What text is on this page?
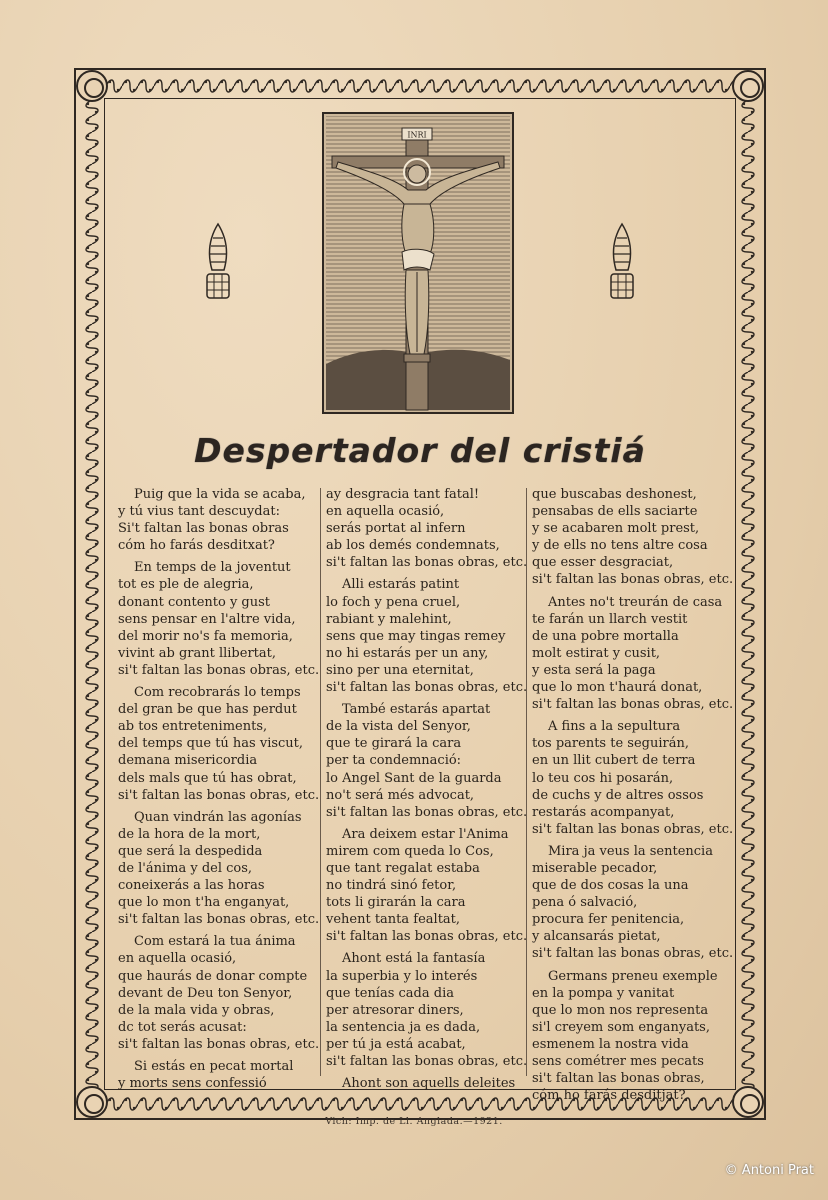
INRI
Despertador del cristiá
Puig que la vida se acaba,
y tú vius tant descuydat:
Si't faltan las bonas obras
cóm ho farás desditxat?
En temps de la joventut
tot es ple de alegria,
donant contento y gust
sens pensar en l'altre vida,
del morir no's fa memoria,
vivint ab grant llibertat,
si't faltan las bonas obras, etc.
Com recobrarás lo temps
del gran be que has perdut
ab tos entreteniments,
del temps que tú has viscut,
demana misericordia
dels mals que tú has obrat,
si't faltan las bonas obras, etc.
Quan vindrán las agonías
de la hora de la mort,
que será la despedida
de l'ánima y del cos,
coneixerás a las horas
que lo mon t'ha enganyat,
si't faltan las bonas obras, etc.
Com estará la tua ánima
en aquella ocasió,
que haurás de donar compte
devant de Deu ton Senyor,
de la mala vida y obras,
dc tot serás acusat:
si't faltan las bonas obras, etc.
Si estás en pecat mortal
y morts sens confessió
ay desgracia tant fatal!
en aquella ocasió,
serás portat al infern
ab los demés condemnats,
si't faltan las bonas obras, etc.
Alli estarás patint
lo foch y pena cruel,
rabiant y malehint,
sens que may tingas remey
no hi estarás per un any,
sino per una eternitat,
si't faltan las bonas obras, etc.
També estarás apartat
de la vista del Senyor,
que te girará la cara
per ta condemnació:
lo Angel Sant de la guarda
no't será més advocat,
si't faltan las bonas obras, etc.
Ara deixem estar l'Anima
mirem com queda lo Cos,
que tant regalat estaba
no tindrá sinó fetor,
tots li girarán la cara
vehent tanta fealtat,
si't faltan las bonas obras, etc.
Ahont está la fantasía
la superbia y lo interés
que tenías cada dia
per atresorar diners,
la sentencia ja es dada,
per tú ja está acabat,
si't faltan las bonas obras, etc.
Ahont son aquells deleites
que buscabas deshonest,
pensabas de ells saciarte
y se acabaren molt prest,
y de ells no tens altre cosa
que esser desgraciat,
si't faltan las bonas obras, etc.
Antes no't treurán de casa
te farán un llarch vestit
de una pobre mortalla
molt estirat y cusit,
y esta será la paga
que lo mon t'haurá donat,
si't faltan las bonas obras, etc.
A fins a la sepultura
tos parents te seguirán,
en un llit cubert de terra
lo teu cos hi posarán,
de cuchs y de altres ossos
restarás acompanyat,
si't faltan las bonas obras, etc.
Mira ja veus la sentencia
miserable pecador,
que de dos cosas la una
pena ó salvació,
procura fer penitencia,
y alcansarás pietat,
si't faltan las bonas obras, etc.
Germans preneu exemple
en la pompa y vanitat
que lo mon nos representa
si'l creyem som enganyats,
esmenem la nostra vida
sens cométrer mes pecats
si't faltan las bonas obras,
cóm ho farás desditjat?
Vich: Imp. de Ll. Anglada.—1921.
© Antoni Prat
